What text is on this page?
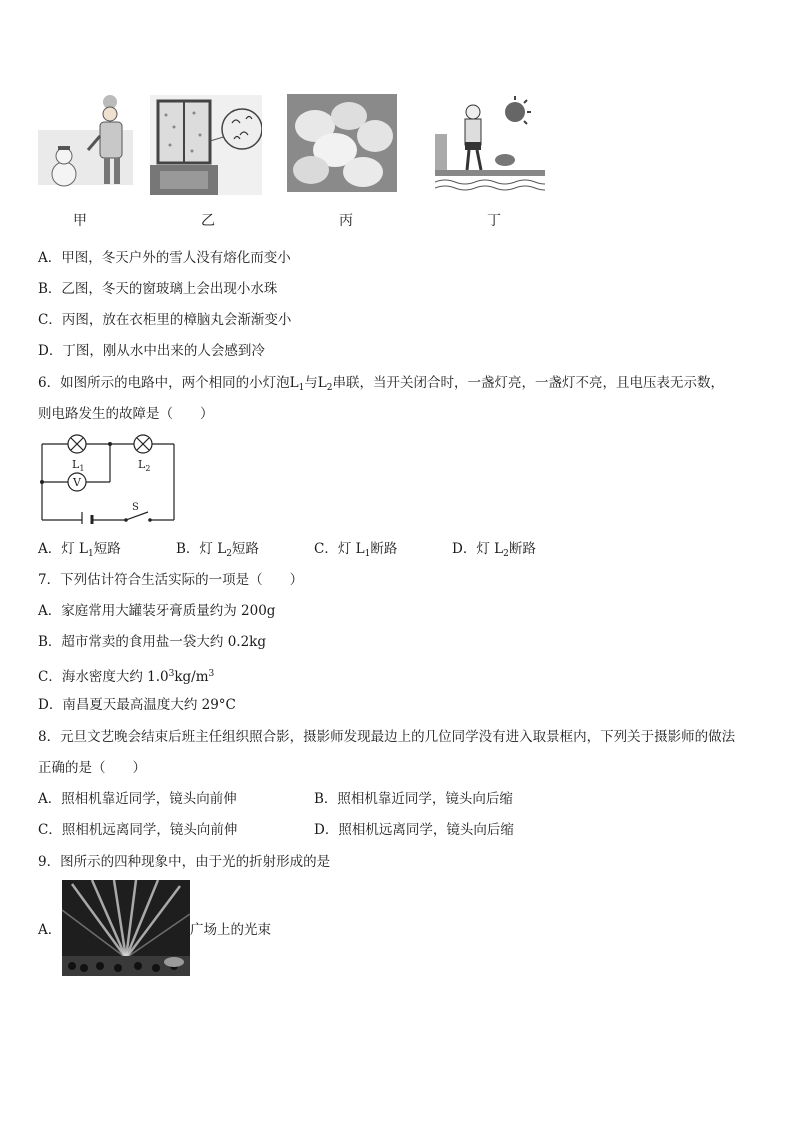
甲	乙	丙	丁
A．甲图，冬天户外的雪人没有熔化而变小
B．乙图，冬天的窗玻璃上会出现小水珠
C．丙图，放在衣柜里的樟脑丸会渐渐变小
D．丁图，刚从水中出来的人会感到冷
6．如图所示的电路中，两个相同的小灯泡$L_1$与$L_2$串联，当开关闭合时，一盏灯亮，一盏灯不亮，且电压表无示数，
则电路发生的故障是（　　）
V
S
$L_1$	$L_2$
A．灯 $L_1$短路	B．灯 $L_2$短路	C．灯 $L_1$断路	D．灯 $L_2$断路
7．下列估计符合生活实际的一项是（　　）
A．家庭常用大罐装牙膏质量约为 200g
B．超市常卖的食用盐一袋大约 0.2kg
C．海水密度大约 $1.0^3kg/m^3$
D．南昌夏天最高温度大约 29°C
8．元旦文艺晚会结束后班主任组织照合影，摄影师发现最边上的几位同学没有进入取景框内，下列关于摄影师的做法
正确的是（　　）
A．照相机靠近同学，镜头向前伸	B．照相机靠近同学，镜头向后缩
C．照相机远离同学，镜头向前伸	D．照相机远离同学，镜头向后缩
9．图所示的四种现象中，由于光的折射形成的是
A．	广场上的光束
